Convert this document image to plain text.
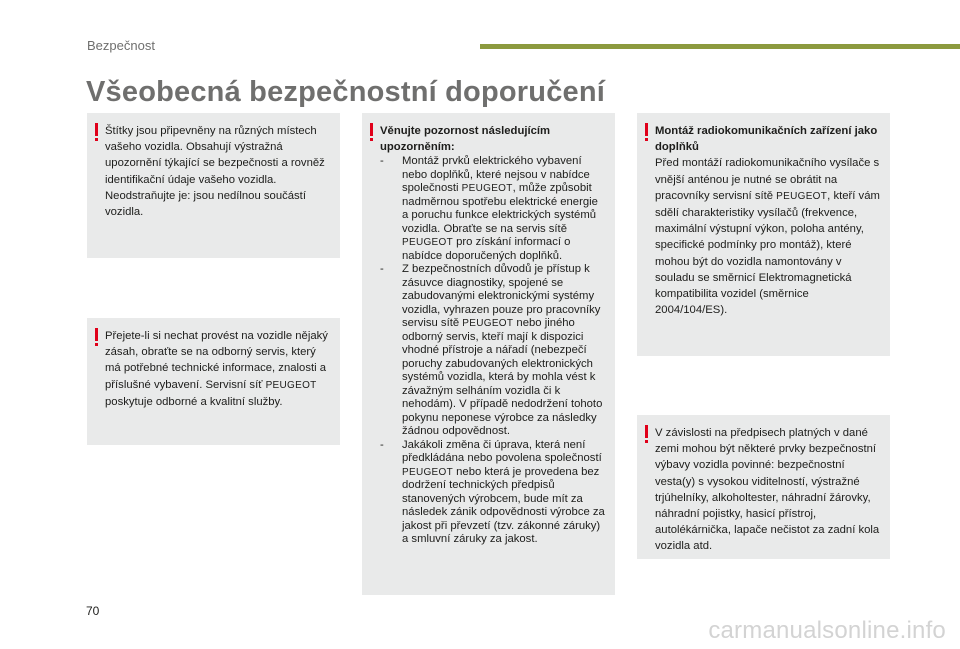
Bezpečnost
Všeobecná bezpečnostní doporučení

Štítky jsou připevněny na různých místech vašeho vozidla. Obsahují výstražná upozornění týkající se bezpečnosti a rovněž identifikační údaje vašeho vozidla. Neodstraňujte je: jsou nedílnou součástí vozidla.

Přejete-li si nechat provést na vozidle nějaký zásah, obraťte se na odborný servis, který má potřebné technické informace, znalosti a příslušné vybavení. Servisní síť PEUGEOT poskytuje odborné a kvalitní služby.

Věnujte pozornost následujícím upozorněním:

-	Montáž prvků elektrického vybavení nebo doplňků, které nejsou v nabídce společnosti PEUGEOT, může způsobit nadměrnou spotřebu elektrické energie a poruchu funkce elektrických systémů vozidla. Obraťte se na servis sítě PEUGEOT pro získání informací o nabídce doporučených doplňků.
-	Z bezpečnostních důvodů je přístup k zásuvce diagnostiky, spojené se zabudovanými elektronickými systémy vozidla, vyhrazen pouze pro pracovníky servisu sítě PEUGEOT nebo jiného odborný servis, kteří mají k dispozici vhodné přístroje a nářadí (nebezpečí poruchy zabudovaných elektronických systémů vozidla, která by mohla vést k závažným selháním vozidla či k nehodám). V případě nedodržení tohoto pokynu neponese výrobce za následky žádnou odpovědnost.
-	Jakákoli změna či úprava, která není předkládána nebo povolena společností PEUGEOT nebo která je provedena bez dodržení technických předpisů stanovených výrobcem, bude mít za následek zánik odpovědnosti výrobce za jakost při převzetí (tzv. zákonné záruky) a smluvní záruky za jakost.

Montáž radiokomunikačních zařízení jako doplňků

Před montáží radiokomunikačního vysílače s vnější anténou je nutné se obrátit na pracovníky servisní sítě PEUGEOT, kteří vám sdělí charakteristiky vysílačů (frekvence, maximální výstupní výkon, poloha antény, specifické podmínky pro montáž), které mohou být do vozidla namontovány v souladu se směrnicí Elektromagnetická kompatibilita vozidel (směrnice 2004/104/ES).

V závislosti na předpisech platných v dané zemi mohou být některé prvky bezpečnostní výbavy vozidla povinné: bezpečnostní vesta(y) s vysokou viditelností, výstražné trjúhelníky, alkoholtester, náhradní žárovky, náhradní pojistky, hasicí přístroj, autolékárnička, lapače nečistot za zadní kola vozidla atd.

70
carmanualsonline.info
